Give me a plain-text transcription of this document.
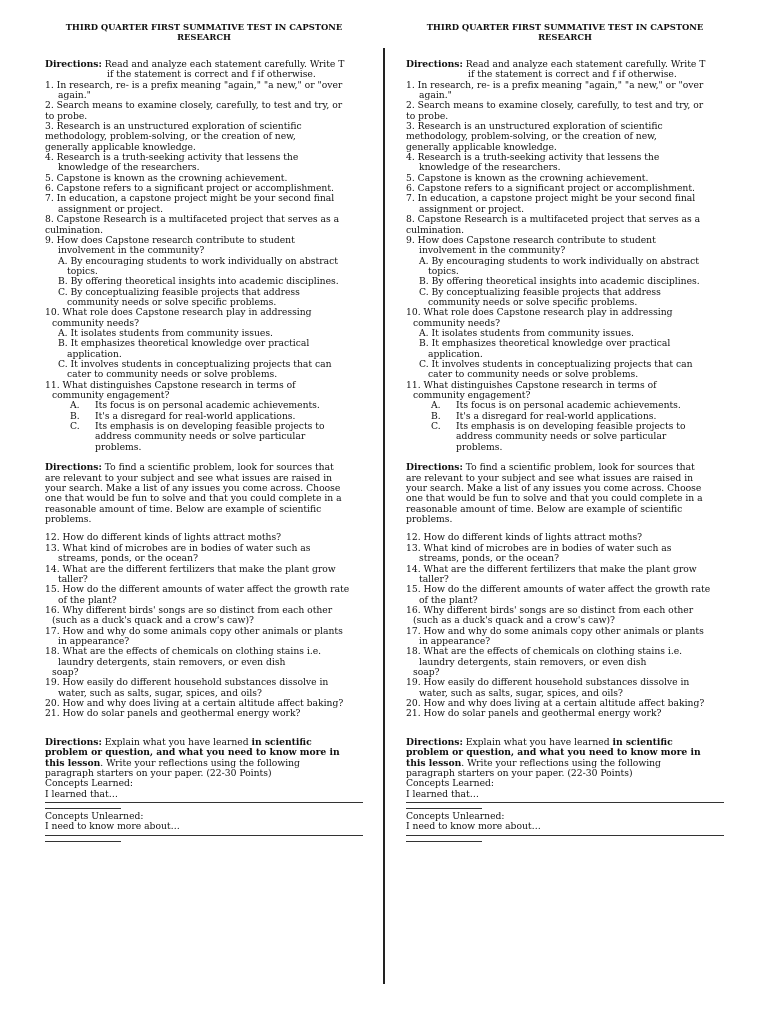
THIRD QUARTER FIRST SUMMATIVE TEST IN CAPSTONE
RESEARCH
Directions: Read and analyze each statement carefully. Write T
if the statement is correct and f if otherwise.
1. In research, re- is a prefix meaning "again," "a new," or "over
again."
2. Search means to examine closely, carefully, to test and try, or
to probe.
3. Research is an unstructured exploration of scientific
methodology, problem-solving, or the creation of new,
generally applicable knowledge.
4. Research is a truth-seeking activity that lessens the
knowledge of the researchers.
5. Capstone is known as the crowning achievement.
6. Capstone refers to a significant project or accomplishment.
7. In education, a capstone project might be your second final
assignment or project.
8. Capstone Research is a multifaceted project that serves as a
culmination.
9. How does Capstone research contribute to student
involvement in the community?
A. By encouraging students to work individually on abstract
topics.
B. By offering theoretical insights into academic disciplines.
C. By conceptualizing feasible projects that address
community needs or solve specific problems.
10. What role does Capstone research play in addressing
community needs?
A. It isolates students from community issues.
B. It emphasizes theoretical knowledge over practical
application.
C. It involves students in conceptualizing projects that can
cater to community needs or solve problems.
11. What distinguishes Capstone research in terms of
community engagement?
A.	Its focus is on personal academic achievements.
B.	It's a disregard for real-world applications.
C.	Its emphasis is on developing feasible projects to
address community needs or solve particular
problems.
Directions: To find a scientific problem, look for sources that
are relevant to your subject and see what issues are raised in
your search. Make a list of any issues you come across. Choose
one that would be fun to solve and that you could complete in a
reasonable amount of time. Below are example of scientific
problems.
12. How do different kinds of lights attract moths?
13. What kind of microbes are in bodies of water such as
streams, ponds, or the ocean?
14. What are the different fertilizers that make the plant grow
taller?
15. How do the different amounts of water affect the growth rate
of the plant?
16. Why different birds' songs are so distinct from each other
(such as a duck's quack and a crow's caw)?
17. How and why do some animals copy other animals or plants
in appearance?
18. What are the effects of chemicals on clothing stains i.e.
laundry detergents, stain removers, or even dish
soap?
19. How easily do different household substances dissolve in
water, such as salts, sugar, spices, and oils?
20. How and why does living at a certain altitude affect baking?
21. How do solar panels and geothermal energy work?
Directions: Explain what you have learned in scientific
problem or question, and what you need to know more in
this lesson. Write your reflections using the following
paragraph starters on your paper. (22-30 Points)
Concepts Learned:
I learned that…
Concepts Unlearned:
I need to know more about…
THIRD QUARTER FIRST SUMMATIVE TEST IN CAPSTONE
RESEARCH
Directions: Read and analyze each statement carefully. Write T
if the statement is correct and f if otherwise.
1. In research, re- is a prefix meaning "again," "a new," or "over
again."
2. Search means to examine closely, carefully, to test and try, or
to probe.
3. Research is an unstructured exploration of scientific
methodology, problem-solving, or the creation of new,
generally applicable knowledge.
4. Research is a truth-seeking activity that lessens the
knowledge of the researchers.
5. Capstone is known as the crowning achievement.
6. Capstone refers to a significant project or accomplishment.
7. In education, a capstone project might be your second final
assignment or project.
8. Capstone Research is a multifaceted project that serves as a
culmination.
9. How does Capstone research contribute to student
involvement in the community?
A. By encouraging students to work individually on abstract
topics.
B. By offering theoretical insights into academic disciplines.
C. By conceptualizing feasible projects that address
community needs or solve specific problems.
10. What role does Capstone research play in addressing
community needs?
A. It isolates students from community issues.
B. It emphasizes theoretical knowledge over practical
application.
C. It involves students in conceptualizing projects that can
cater to community needs or solve problems.
11. What distinguishes Capstone research in terms of
community engagement?
A.	Its focus is on personal academic achievements.
B.	It's a disregard for real-world applications.
C.	Its emphasis is on developing feasible projects to
address community needs or solve particular
problems.
Directions: To find a scientific problem, look for sources that
are relevant to your subject and see what issues are raised in
your search. Make a list of any issues you come across. Choose
one that would be fun to solve and that you could complete in a
reasonable amount of time. Below are example of scientific
problems.
12. How do different kinds of lights attract moths?
13. What kind of microbes are in bodies of water such as
streams, ponds, or the ocean?
14. What are the different fertilizers that make the plant grow
taller?
15. How do the different amounts of water affect the growth rate
of the plant?
16. Why different birds' songs are so distinct from each other
(such as a duck's quack and a crow's caw)?
17. How and why do some animals copy other animals or plants
in appearance?
18. What are the effects of chemicals on clothing stains i.e.
laundry detergents, stain removers, or even dish
soap?
19. How easily do different household substances dissolve in
water, such as salts, sugar, spices, and oils?
20. How and why does living at a certain altitude affect baking?
21. How do solar panels and geothermal energy work?
Directions: Explain what you have learned in scientific
problem or question, and what you need to know more in
this lesson. Write your reflections using the following
paragraph starters on your paper. (22-30 Points)
Concepts Learned:
I learned that…
Concepts Unlearned:
I need to know more about…
